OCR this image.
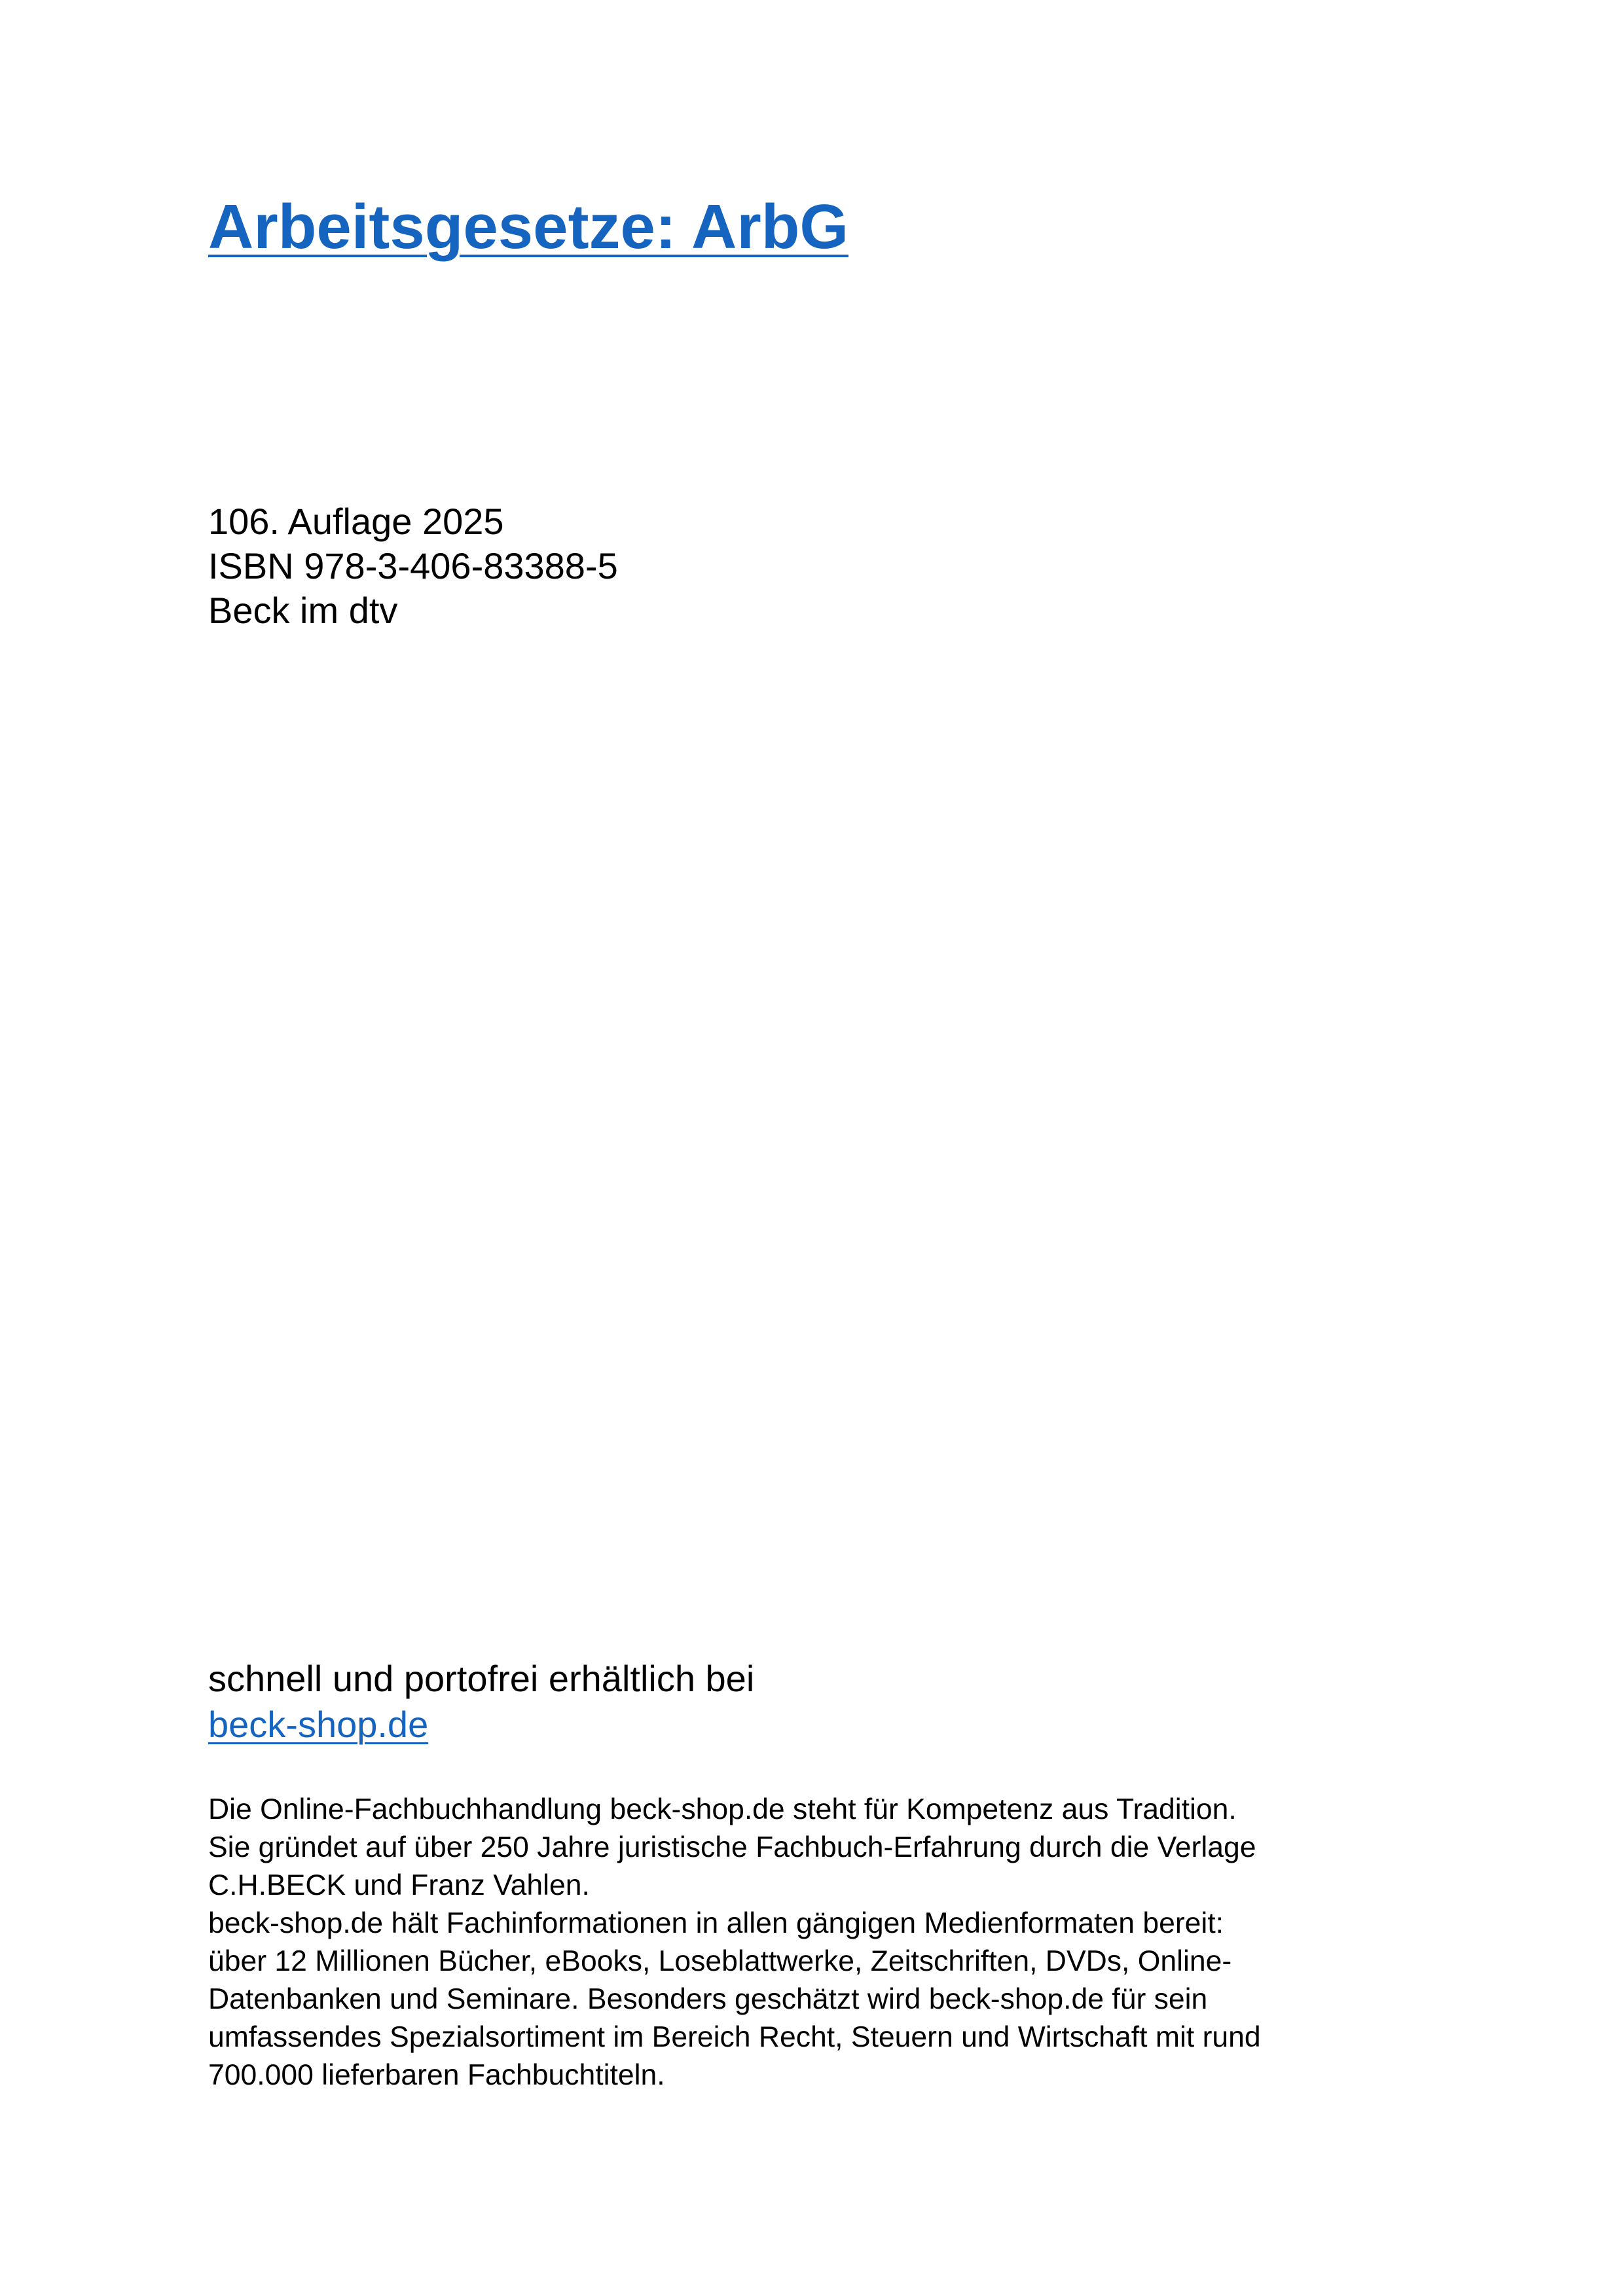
Arbeitsgesetze: ArbG
106. Auflage 2025
ISBN 978-3-406-83388-5
Beck im dtv
schnell und portofrei erhältlich bei
beck-shop.de
Die Online-Fachbuchhandlung beck-shop.de steht für Kompetenz aus Tradition.
Sie gründet auf über 250 Jahre juristische Fachbuch-Erfahrung durch die Verlage
C.H.BECK und Franz Vahlen.
beck-shop.de hält Fachinformationen in allen gängigen Medienformaten bereit:
über 12 Millionen Bücher, eBooks, Loseblattwerke, Zeitschriften, DVDs, Online-
Datenbanken und Seminare. Besonders geschätzt wird beck-shop.de für sein
umfassendes Spezialsortiment im Bereich Recht, Steuern und Wirtschaft mit rund
700.000 lieferbaren Fachbuchtiteln.
